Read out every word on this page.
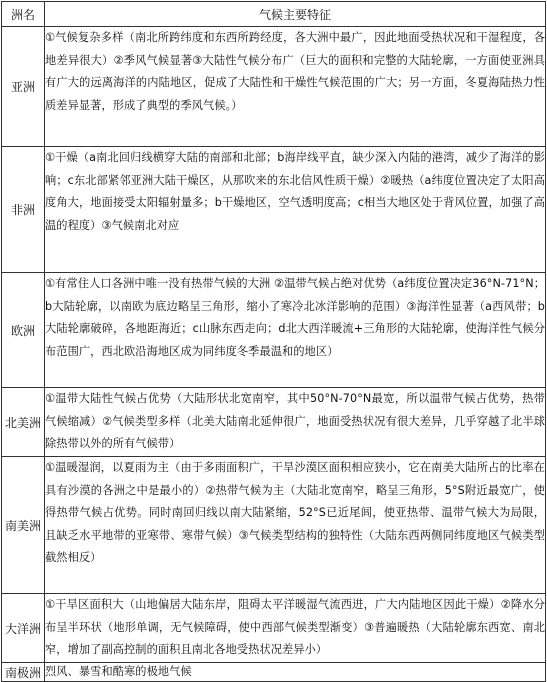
洲名	气候主要特征
亚洲	①气候复杂多样（南北所跨纬度和东西所跨经度，各大洲中最广，因此地面受热状况和干湿程度，各地差异很大）②季风气候显著③大陆性气候分布广（巨大的面积和完整的大陆轮廓，一方面使亚洲具有广大的远离海洋的内陆地区，促成了大陆性和干燥性气候范围的广大；另一方面，冬夏海陆热力性质差异显著，形成了典型的季风气候。）

非洲	①干燥（a南北回归线横穿大陆的南部和北部；b海岸线平直，缺少深入内陆的港湾，减少了海洋的影响；c东北部紧邻亚洲大陆干燥区，从那吹来的东北信风性质干燥）②暖热（a纬度位置决定了太阳高度角大，地面接受太阳辐射量多；b干燥地区，空气透明度高；c相当大地区处于背风位置，加强了高温的程度）③气候南北对应

欧洲	①有常住人口各洲中唯一没有热带气候的大洲 ②温带气候占绝对优势（a纬度位置决定36°N-71°N；b大陆轮廓，以南欧为底边略呈三角形，缩小了寒冷北冰洋影响的范围）③海洋性显著（a西风带；b大陆轮廓破碎，各地距海近；c山脉东西走向；d北大西洋暖流+三角形的大陆轮廓，使海洋性气候分布范围广，西北欧沿海地区成为同纬度冬季最温和的地区）

北美洲	①温带大陆性气候占优势（大陆形状北宽南窄，其中50°N-70°N最宽，所以温带气候占优势，热带气候缩减）②气候类型多样（北美大陆南北延伸很广，地面受热状况有很大差异，几乎穿越了北半球除热带以外的所有气候带）

南美洲	①温暖湿润，以夏雨为主（由于多雨面积广，干旱沙漠区面积相应狭小，它在南美大陆所占的比率在具有沙漠的各洲之中是最小的）②热带气候为主（大陆北宽南窄，略呈三角形，5°S附近最宽广，使得热带气候占优势。同时南回归线以南大陆紧缩，52°S已近尾闾，使亚热带、温带气候大为局限，且缺乏水平地带的亚寒带、寒带气候）③气候类型结构的独特性（大陆东西两侧同纬度地区气候类型截然相反）

大洋洲	①干旱区面积大（山地偏居大陆东岸，阻碍太平洋暖湿气流西进，广大内陆地区因此干燥）②降水分布呈半环状（地形单调，无气候障碍，使中西部气候类型渐变）③普遍暖热（大陆轮廓东西宽、南北窄，增加了副高控制的面积且南北各地受热状况差异小）

南极洲	烈风、暴雪和酷寒的极地气候
